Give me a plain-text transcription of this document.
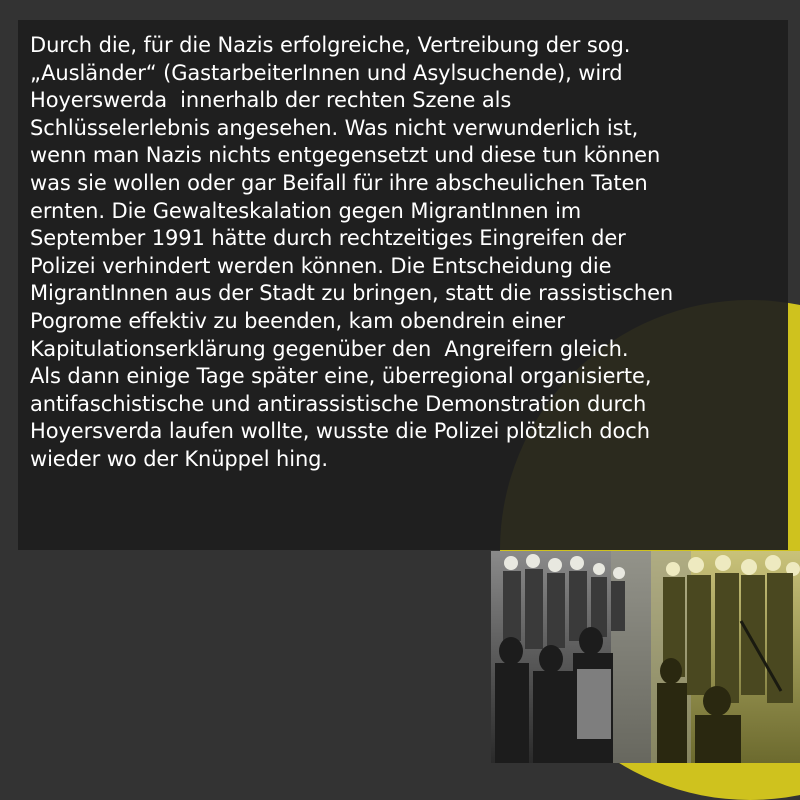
Durch die, für die Nazis erfolgreiche, Vertreibung der sog.
„Ausländer“ (GastarbeiterInnen und Asylsuchende), wird
Hoyerswerda  innerhalb der rechten Szene als
Schlüsselerlebnis angesehen. Was nicht verwunderlich ist,
wenn man Nazis nichts entgegensetzt und diese tun können
was sie wollen oder gar Beifall für ihre abscheulichen Taten
ernten. Die Gewalteskalation gegen MigrantInnen im
September 1991 hätte durch rechtzeitiges Eingreifen der
Polizei verhindert werden können. Die Entscheidung die
MigrantInnen aus der Stadt zu bringen, statt die rassistischen
Pogrome effektiv zu beenden, kam obendrein einer
Kapitulationserklärung gegenüber den  Angreifern gleich.
Als dann einige Tage später eine, überregional organisierte,
antifaschistische und antirassistische Demonstration durch
Hoyersverda laufen wollte, wusste die Polizei plötzlich doch
wieder wo der Knüppel hing.
